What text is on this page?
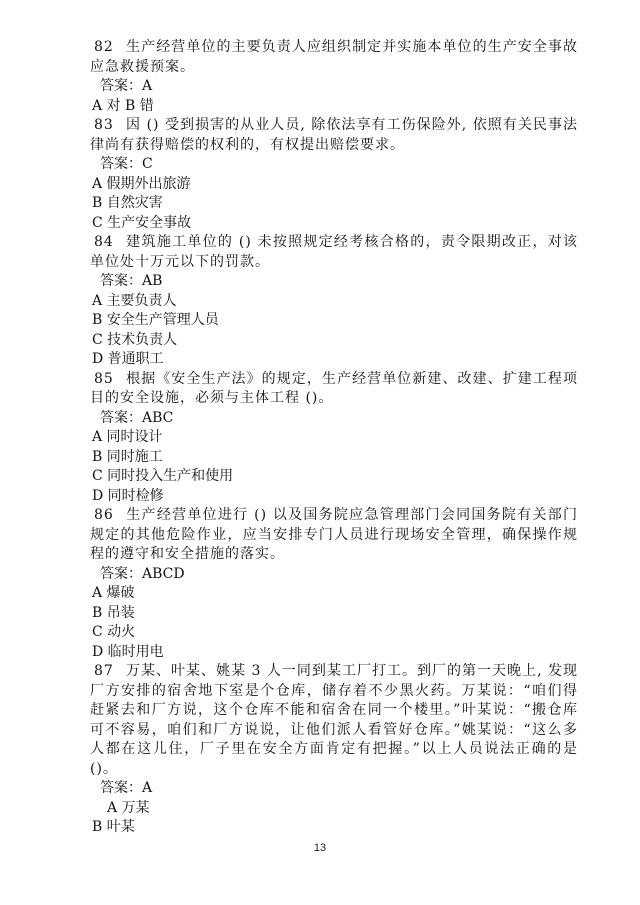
82 生产经营单位的主要负责人应组织制定并实施本单位的生产安全事故应急救援预案。

答案：A

A 对 B 错

83 因 () 受到损害的从业人员, 除依法享有工伤保险外, 依照有关民事法律尚有获得赔偿的权利的，有权提出赔偿要求。

答案：C

A 假期外出旅游

B 自然灾害

C 生产安全事故

84 建筑施工单位的 () 未按照规定经考核合格的，责令限期改正，对该单位处十万元以下的罚款。

答案：AB

A 主要负责人

B 安全生产管理人员

C 技术负责人

D 普通职工

85 根据《安全生产法》的规定，生产经营单位新建、改建、扩建工程项目的安全设施，必须与主体工程 ()。

答案：ABC

A 同时设计

B 同时施工

C 同时投入生产和使用

D 同时检修

86 生产经营单位进行 () 以及国务院应急管理部门会同国务院有关部门规定的其他危险作业，应当安排专门人员进行现场安全管理，确保操作规程的遵守和安全措施的落实。

答案：ABCD

A 爆破

B 吊装

C 动火

D 临时用电

87 万某、叶某、姚某 3 人一同到某工厂打工。到厂的第一天晚上, 发现厂方安排的宿舍地下室是个仓库，储存着不少黑火药。万某说：“咱们得赶紧去和厂方说，这个仓库不能和宿舍在同一个楼里。”叶某说：“搬仓库可不容易，咱们和厂方说说，让他们派人看管好仓库。”姚某说：“这么多人都在这儿住，厂子里在安全方面肯定有把握。”以上人员说法正确的是 ()。

答案：A

A 万某

B 叶某

13
